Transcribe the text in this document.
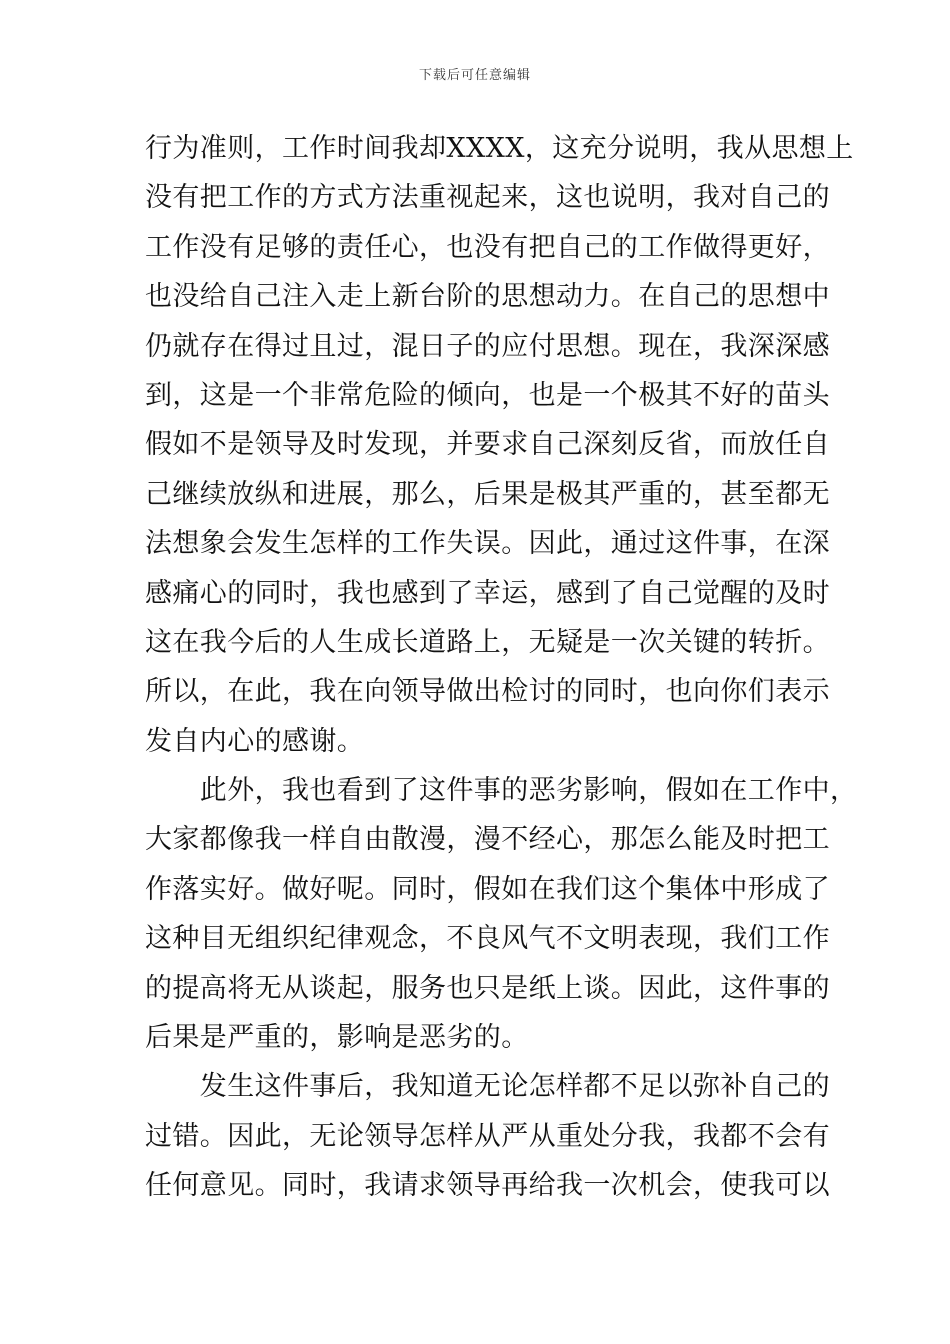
下载后可任意编辑
行为准则，工作时间我却XXXX，这充分说明，我从思想上
没有把工作的方式方法重视起来，这也说明，我对自己的
工作没有足够的责任心，也没有把自己的工作做得更好，
也没给自己注入走上新台阶的思想动力。在自己的思想中
仍就存在得过且过，混日子的应付思想。现在，我深深感
到，这是一个非常危险的倾向，也是一个极其不好的苗头
假如不是领导及时发现，并要求自己深刻反省，而放任自
己继续放纵和进展，那么，后果是极其严重的，甚至都无
法想象会发生怎样的工作失误。因此，通过这件事，在深
感痛心的同时，我也感到了幸运，感到了自己觉醒的及时
这在我今后的人生成长道路上，无疑是一次关键的转折。
所以，在此，我在向领导做出检讨的同时，也向你们表示
发自内心的感谢。
　　此外，我也看到了这件事的恶劣影响，假如在工作中，
大家都像我一样自由散漫，漫不经心，那怎么能及时把工
作落实好。做好呢。同时，假如在我们这个集体中形成了
这种目无组织纪律观念，不良风气不文明表现，我们工作
的提高将无从谈起，服务也只是纸上谈。因此，这件事的
后果是严重的，影响是恶劣的。
　　发生这件事后，我知道无论怎样都不足以弥补自己的
过错。因此，无论领导怎样从严从重处分我，我都不会有
任何意见。同时，我请求领导再给我一次机会，使我可以
